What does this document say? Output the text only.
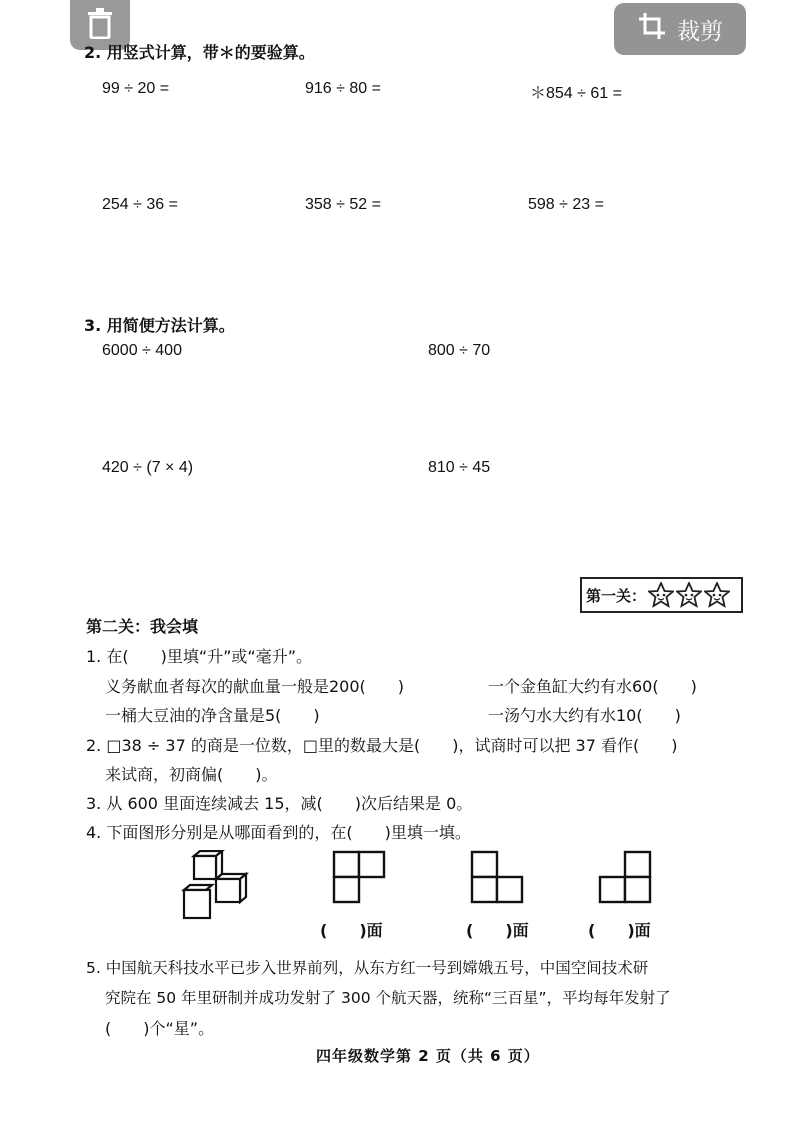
裁剪
2. 用竖式计算，带＊的要验算。
99 ÷ 20 =	916 ÷ 80 =	＊854 ÷ 61 =
254 ÷ 36 =	358 ÷ 52 =	598 ÷ 23 =
3. 用简便方法计算。
6000 ÷ 400	800 ÷ 70
420 ÷ (7 × 4)	810 ÷ 45
第一关：
第二关：我会填
1. 在(　　)里填“升”或“毫升”。
义务献血者每次的献血量一般是200(　　)	一个金鱼缸大约有水60(　　)
一桶大豆油的净含量是5(　　)	一汤勺水大约有水10(　　)
2. □38 ÷ 37 的商是一位数，□里的数最大是(　　)，试商时可以把 37 看作(　　)
来试商，初商偏(　　)。
3. 从 600 里面连续减去 15，减(　　)次后结果是 0。
4. 下面图形分别是从哪面看到的，在(　　)里填一填。
(　　)面	(　　)面	(　　)面
5. 中国航天科技水平已步入世界前列，从东方红一号到嫦娥五号，中国空间技术研
究院在 50 年里研制并成功发射了 300 个航天器，统称“三百星”，平均每年发射了
(　　)个“星”。
四年级数学第 2 页（共 6 页）
